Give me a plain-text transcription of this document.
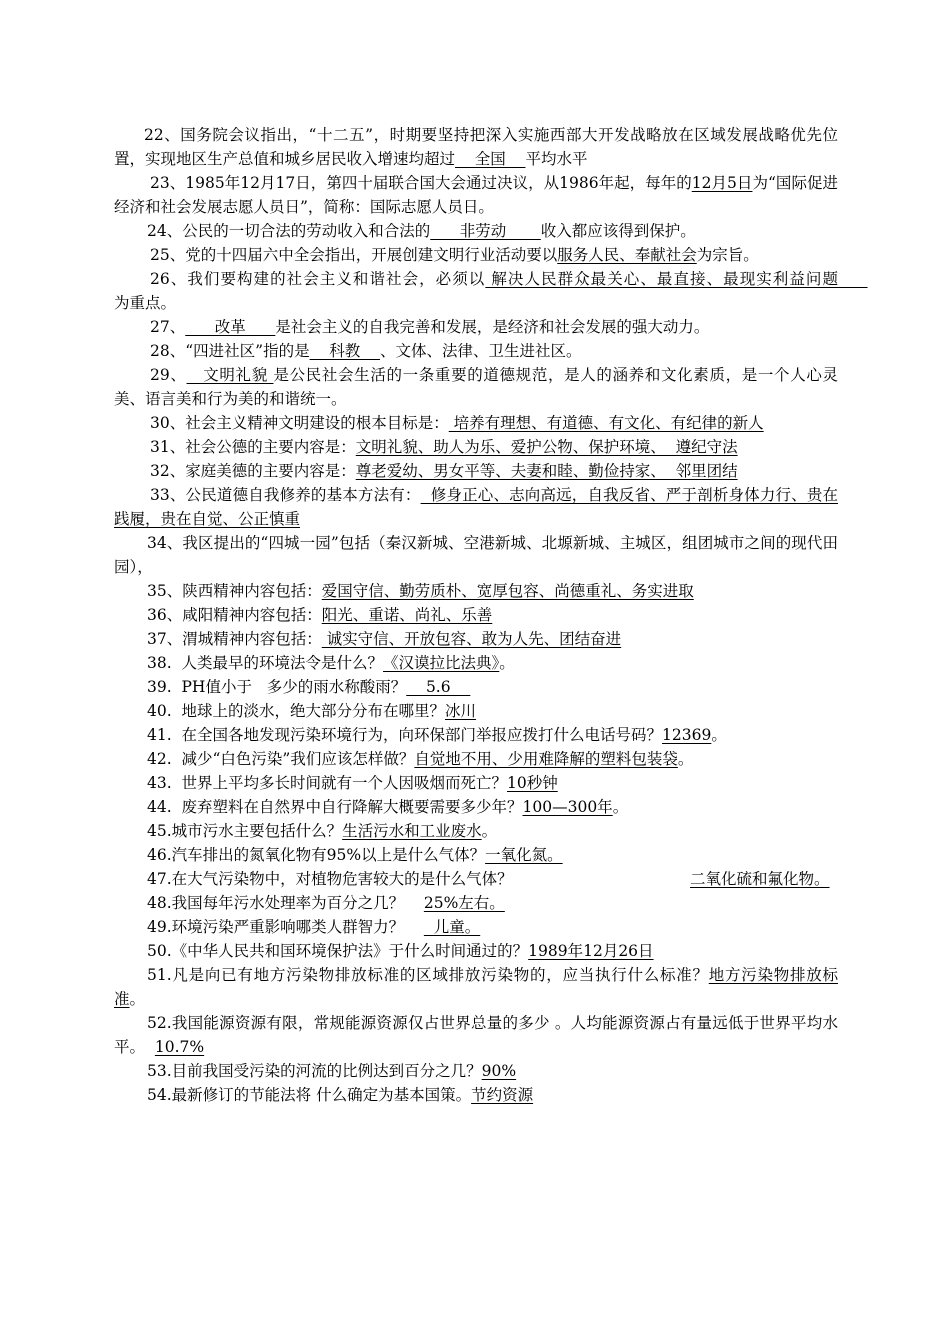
22、国务院会议指出，“十二五”，时期要坚持把深入实施西部大开发战略放在区域发展战略优先位置，实现地区生产总值和城乡居民收入增速均超过    全国    平均水平
23、1985年12月17日，第四十届联合国大会通过决议，从1986年起，每年的12月5日为“国际促进经济和社会发展志愿人员日”，简称：国际志愿人员日。
24、公民的一切合法的劳动收入和合法的      非劳动       收入都应该得到保护。
25、党的十四届六中全会指出，开展创建文明行业活动要以服务人民、奉献社会为宗旨。
26、我们要构建的社会主义和谐社会，必须以 解决人民群众最关心、最直接、最现实利益问题      为重点。
27、      改革      是社会主义的自我完善和发展，是经济和社会发展的强大动力。
28、“四进社区”指的是    科教    、文体、法律、卫生进社区。
29、   文明礼貌 是公民社会生活的一条重要的道德规范，是人的涵养和文化素质，是一个人心灵美、语言美和行为美的和谐统一。
30、社会主义精神文明建设的根本目标是： 培养有理想、有道德、有文化、有纪律的新人
31、社会公德的主要内容是：文明礼貌、助人为乐、爱护公物、保护环境、  遵纪守法
32、家庭美德的主要内容是：尊老爱幼、男女平等、夫妻和睦、勤俭持家、  邻里团结
33、公民道德自我修养的基本方法有：  修身正心、志向高远，自我反省、严于剖析身体力行、贵在践履，贵在自觉、公正慎重
34、我区提出的“四城一园”包括（秦汉新城、空港新城、北塬新城、主城区，组团城市之间的现代田园），
35、陕西精神内容包括：爱国守信、勤劳质朴、宽厚包容、尚德重礼、务实进取
36、咸阳精神内容包括：阳光、重诺、尚礼、乐善
37、渭城精神内容包括： 诚实守信、开放包容、敢为人先、团结奋进
38.  人类最早的环境法令是什么？《汉谟拉比法典》。
39.  PH值小于   多少的雨水称酸雨？    5.6
40.  地球上的淡水，绝大部分分布在哪里？冰川
41.  在全国各地发现污染环境行为，向环保部门举报应拨打什么电话号码？12369。
42.  减少“白色污染”我们应该怎样做？自觉地不用、少用难降解的塑料包装袋。
43.  世界上平均多长时间就有一个人因吸烟而死亡？10秒钟
44.  废弃塑料在自然界中自行降解大概要需要多少年？100—300年。
45.城市污水主要包括什么？生活污水和工业废水。
46.汽车排出的氮氧化物有95%以上是什么气体？一氧化氮。
47.在大气污染物中，对植物危害较大的是什么气体？                                    二氧化硫和氟化物。
48.我国每年污水处理率为百分之几？    25%左右。
49.环境污染严重影响哪类人群智力？      儿童。
50.《中华人民共和国环境保护法》于什么时间通过的？1989年12月26日
51.凡是向已有地方污染物排放标准的区域排放污染物的，应当执行什么标准？地方污染物排放标准。
52.我国能源资源有限，常规能源资源仅占世界总量的多少 。人均能源资源占有量远低于世界平均水平。  10.7%
53.目前我国受污染的河流的比例达到百分之几？90%
54.最新修订的节能法将 什么确定为基本国策。节约资源
